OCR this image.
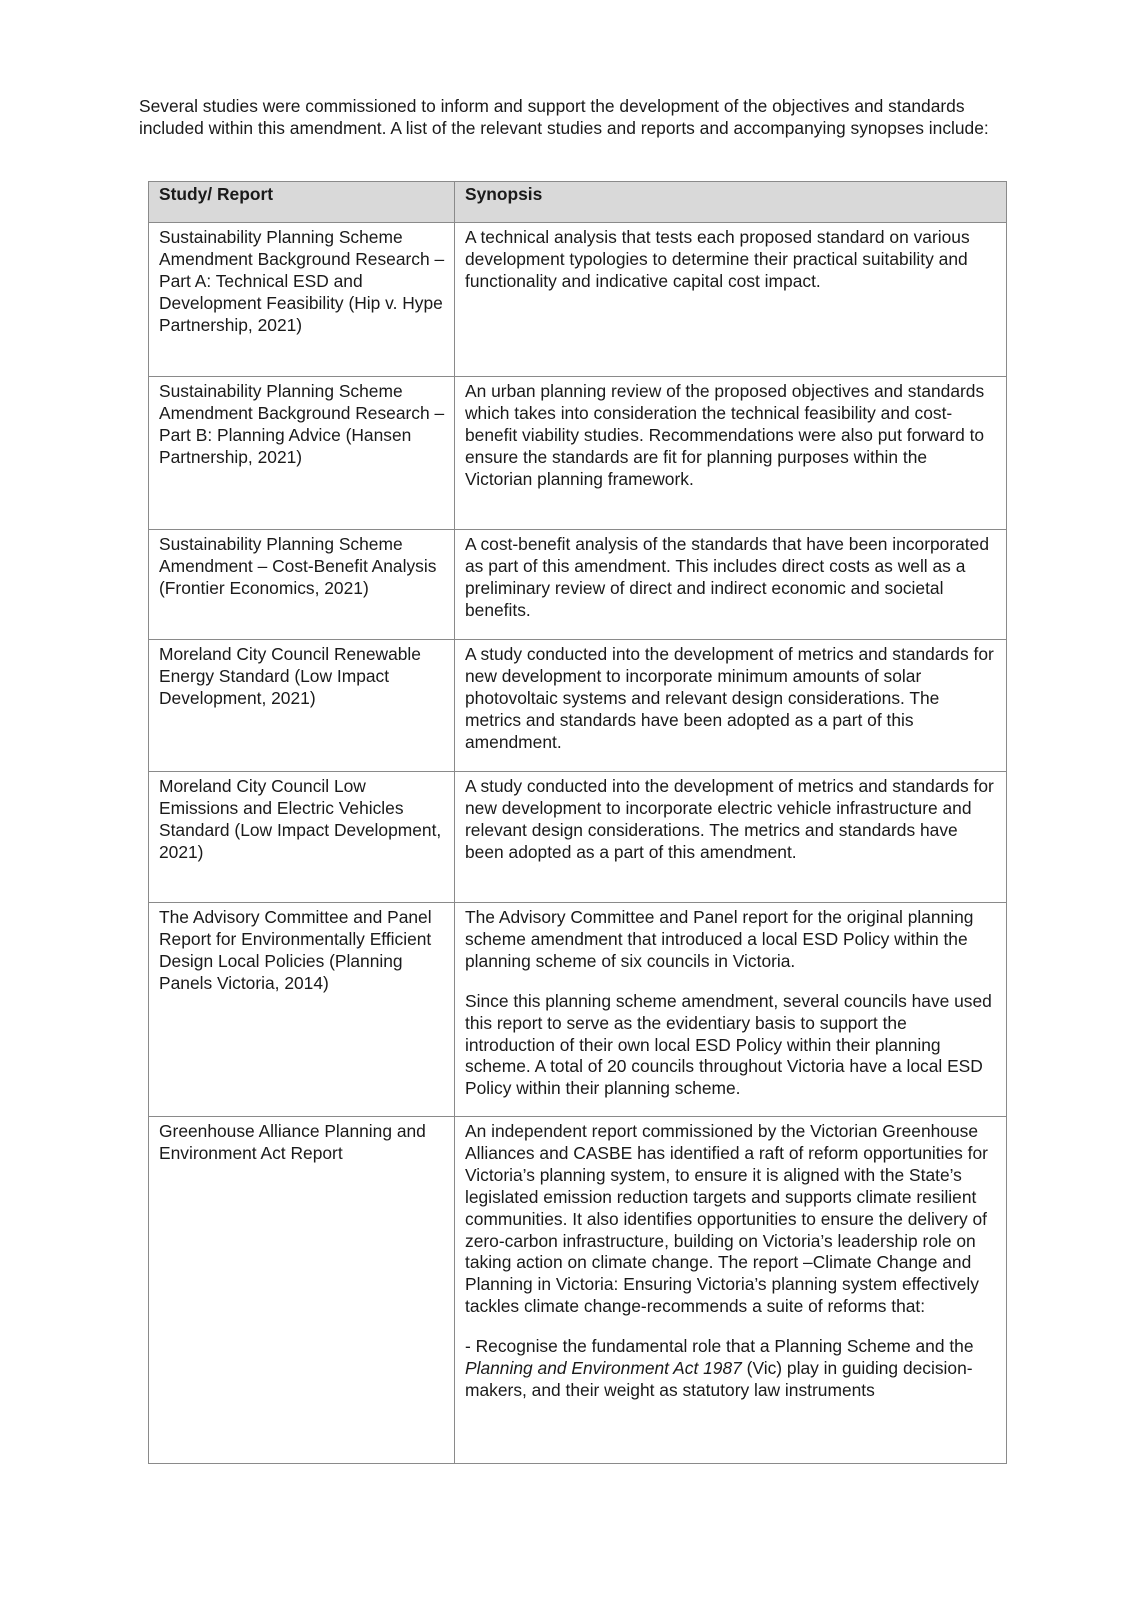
Several studies were commissioned to inform and support the development of the objectives and standards included within this amendment. A list of the relevant studies and reports and accompanying synopses include:

Study/ Report	Synopsis
Sustainability Planning Scheme Amendment Background Research – Part A: Technical ESD and Development Feasibility (Hip v. Hype Partnership, 2021)	A technical analysis that tests each proposed standard on various development typologies to determine their practical suitability and functionality and indicative capital cost impact.

Sustainability Planning Scheme Amendment Background Research – Part B: Planning Advice (Hansen Partnership, 2021)	An urban planning review of the proposed objectives and standards which takes into consideration the technical feasibility and cost-benefit viability studies. Recommendations were also put forward to ensure the standards are fit for planning purposes within the Victorian planning framework.

Sustainability Planning Scheme Amendment – Cost-Benefit Analysis (Frontier Economics, 2021)	A cost-benefit analysis of the standards that have been incorporated as part of this amendment. This includes direct costs as well as a preliminary review of direct and indirect economic and societal benefits.

Moreland City Council Renewable Energy Standard (Low Impact Development, 2021)	A study conducted into the development of metrics and standards for new development to incorporate minimum amounts of solar photovoltaic systems and relevant design considerations. The metrics and standards have been adopted as a part of this amendment.

Moreland City Council Low Emissions and Electric Vehicles Standard (Low Impact Development, 2021)	A study conducted into the development of metrics and standards for new development to incorporate electric vehicle infrastructure and relevant design considerations. The metrics and standards have been adopted as a part of this amendment.

The Advisory Committee and Panel Report for Environmentally Efficient Design Local Policies (Planning Panels Victoria, 2014)	The Advisory Committee and Panel report for the original planning scheme amendment that introduced a local ESD Policy within the planning scheme of six councils in Victoria.

Since this planning scheme amendment, several councils have used this report to serve as the evidentiary basis to support the introduction of their own local ESD Policy within their planning scheme. A total of 20 councils throughout Victoria have a local ESD Policy within their planning scheme.

Greenhouse Alliance Planning and Environment Act Report	An independent report commissioned by the Victorian Greenhouse Alliances and CASBE has identified a raft of reform opportunities for Victoria’s planning system, to ensure it is aligned with the State’s legislated emission reduction targets and supports climate resilient communities. It also identifies opportunities to ensure the delivery of zero-carbon infrastructure, building on Victoria’s leadership role on taking action on climate change. The report –Climate Change and Planning in Victoria: Ensuring Victoria’s planning system effectively tackles climate change-recommends a suite of reforms that:

- Recognise the fundamental role that a Planning Scheme and the Planning and Environment Act 1987 (Vic) play in guiding decision-makers, and their weight as statutory law instruments
